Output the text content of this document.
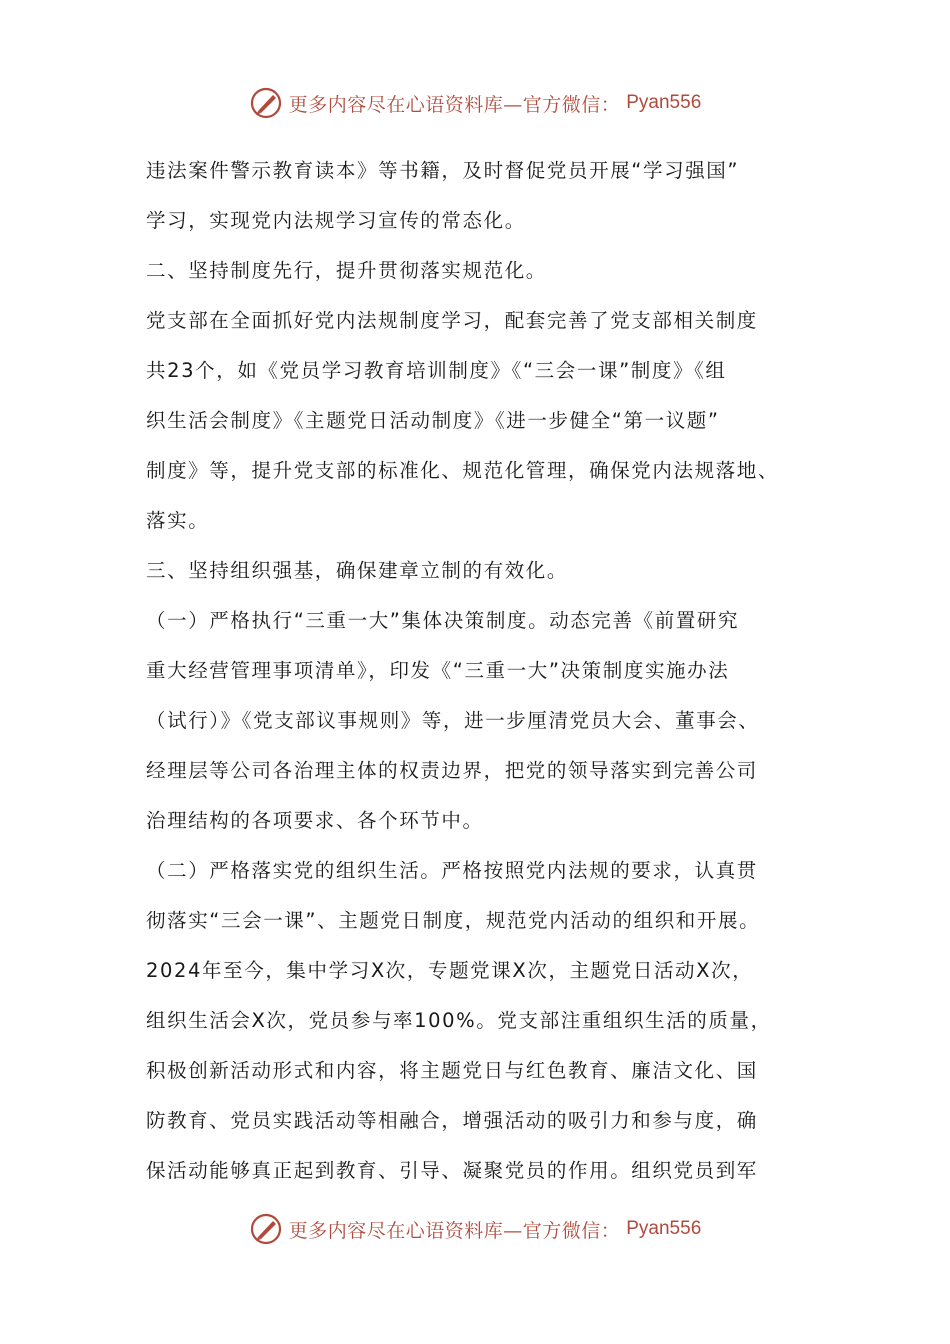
更多内容尽在心语资料库—官方微信： Pyan556
违法案件警示教育读本》等书籍，及时督促党员开展“学习强国”
学习，实现党内法规学习宣传的常态化。
二、坚持制度先行，提升贯彻落实规范化。
党支部在全面抓好党内法规制度学习，配套完善了党支部相关制度
共23个，如《党员学习教育培训制度》《“三会一课”制度》《组
织生活会制度》《主题党日活动制度》《进一步健全“第一议题”
制度》等，提升党支部的标准化、规范化管理，确保党内法规落地、
落实。
三、坚持组织强基，确保建章立制的有效化。
（一）严格执行“三重一大”集体决策制度。动态完善《前置研究
重大经营管理事项清单》，印发《“三重一大”决策制度实施办法
（试行）》《党支部议事规则》等，进一步厘清党员大会、董事会、
经理层等公司各治理主体的权责边界，把党的领导落实到完善公司
治理结构的各项要求、各个环节中。
（二）严格落实党的组织生活。严格按照党内法规的要求，认真贯
彻落实“三会一课”、主题党日制度，规范党内活动的组织和开展。
2024年至今，集中学习X次，专题党课X次，主题党日活动X次，
组织生活会X次，党员参与率100%。党支部注重组织生活的质量，
积极创新活动形式和内容，将主题党日与红色教育、廉洁文化、国
防教育、党员实践活动等相融合，增强活动的吸引力和参与度，确
保活动能够真正起到教育、引导、凝聚党员的作用。组织党员到军
更多内容尽在心语资料库—官方微信： Pyan556
